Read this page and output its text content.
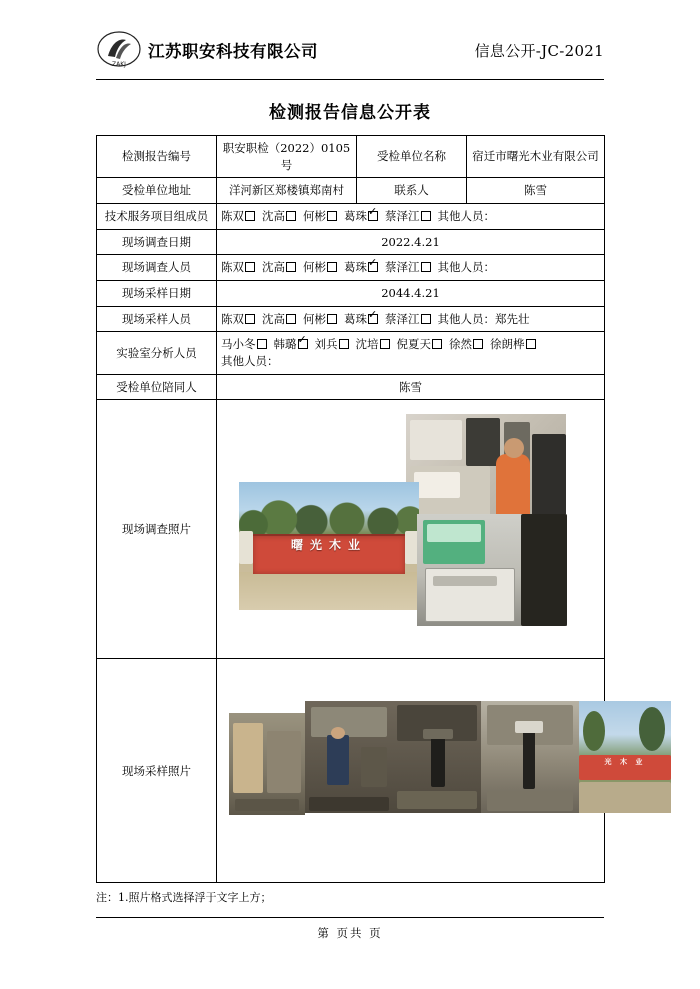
ZAKJ
江苏职安科技有限公司	信息公开-JC-2021
检测报告信息公开表
检测报告编号	职安职检（2022）0105 号	受检单位名称	宿迁市曙光木业有限公司
受检单位地址	洋河新区郑楼镇郑南村	联系人	陈雪
技术服务项目组成员	陈双 沈高 何彬 葛珠 ✓ 蔡泽江 其他人员：
现场调查日期	2022.4.21		
现场调查人员	陈双 沈高 何彬 葛珠 ✓ 蔡泽江 其他人员：
现场采样日期	2044.4.21		
现场采样人员	陈双 沈高 何彬 葛珠 ✓ 蔡泽江 其他人员：郑先壮
实验室分析人员	马小冬 韩璐 ✓ 刘兵 沈培 倪夏天 徐然 徐朗桦
其他人员：
受检单位陪同人	陈雪		
现场调查照片	曙光木业		

现场采样照片	光 木 业		
注：1.照片格式选择浮于文字上方；
第 页共 页
